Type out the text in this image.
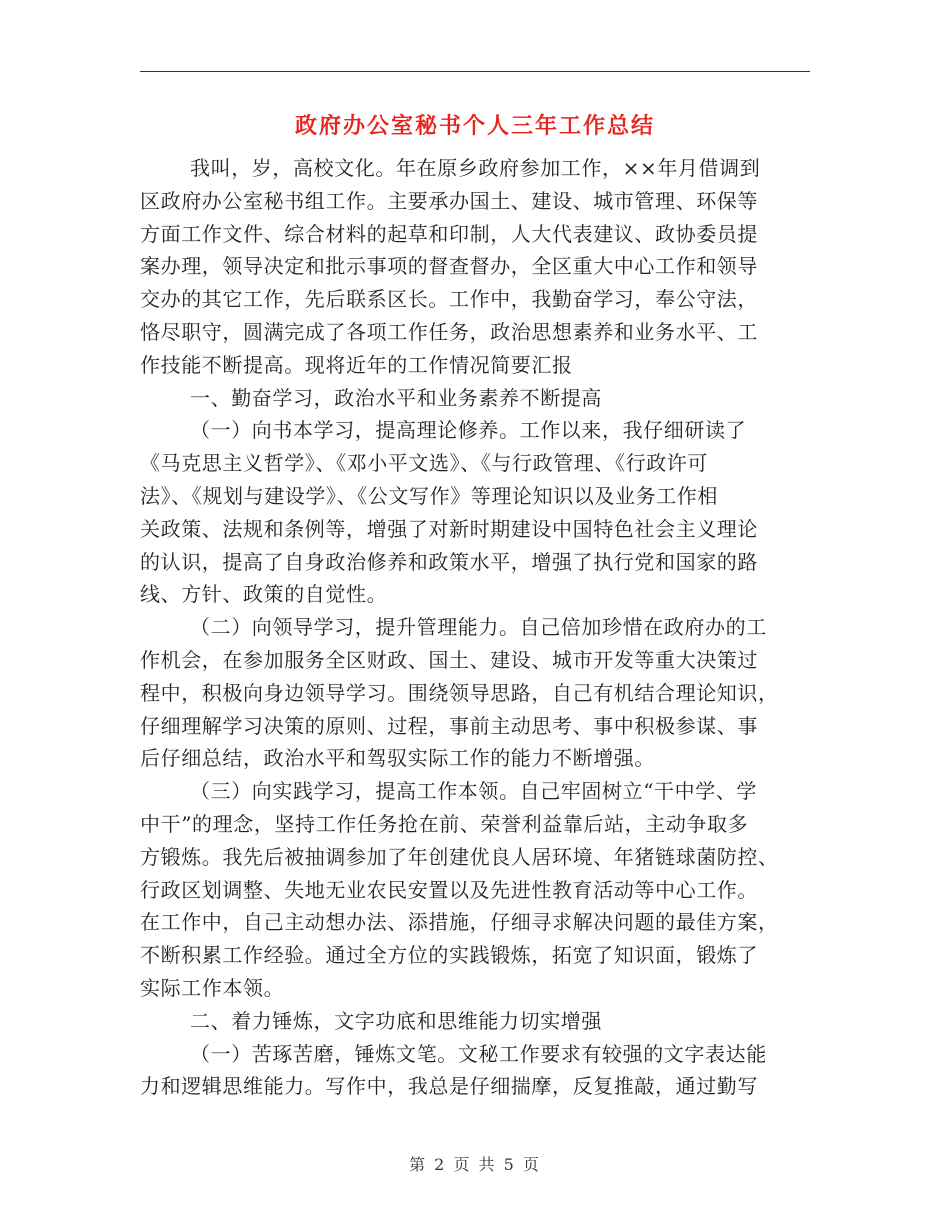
政府办公室秘书个人三年工作总结
我叫，岁，高校文化。年在原乡政府参加工作，××年月借调到
区政府办公室秘书组工作。主要承办国土、建设、城市管理、环保等
方面工作文件、综合材料的起草和印制，人大代表建议、政协委员提
案办理，领导决定和批示事项的督查督办，全区重大中心工作和领导
交办的其它工作，先后联系区长。工作中，我勤奋学习，奉公守法，
恪尽职守，圆满完成了各项工作任务，政治思想素养和业务水平、工
作技能不断提高。现将近年的工作情况简要汇报
一、勤奋学习，政治水平和业务素养不断提高
（一）向书本学习，提高理论修养。工作以来，我仔细研读了
《马克思主义哲学》、《邓小平文选》、《与行政管理、《行政许可
法》、《规划与建设学》、《公文写作》等理论知识以及业务工作相
关政策、法规和条例等，增强了对新时期建设中国特色社会主义理论
的认识，提高了自身政治修养和政策水平，增强了执行党和国家的路
线、方针、政策的自觉性。
（二）向领导学习，提升管理能力。自己倍加珍惜在政府办的工
作机会，在参加服务全区财政、国土、建设、城市开发等重大决策过
程中，积极向身边领导学习。围绕领导思路，自己有机结合理论知识，
仔细理解学习决策的原则、过程，事前主动思考、事中积极参谋、事
后仔细总结，政治水平和驾驭实际工作的能力不断增强。
（三）向实践学习，提高工作本领。自己牢固树立“干中学、学
中干”的理念，坚持工作任务抢在前、荣誉利益靠后站，主动争取多
方锻炼。我先后被抽调参加了年创建优良人居环境、年猪链球菌防控、
行政区划调整、失地无业农民安置以及先进性教育活动等中心工作。
在工作中，自己主动想办法、添措施，仔细寻求解决问题的最佳方案，
不断积累工作经验。通过全方位的实践锻炼，拓宽了知识面，锻炼了
实际工作本领。
二、着力锤炼，文字功底和思维能力切实增强
（一）苦琢苦磨，锤炼文笔。文秘工作要求有较强的文字表达能
力和逻辑思维能力。写作中，我总是仔细揣摩，反复推敲，通过勤写
第 2 页 共 5 页
